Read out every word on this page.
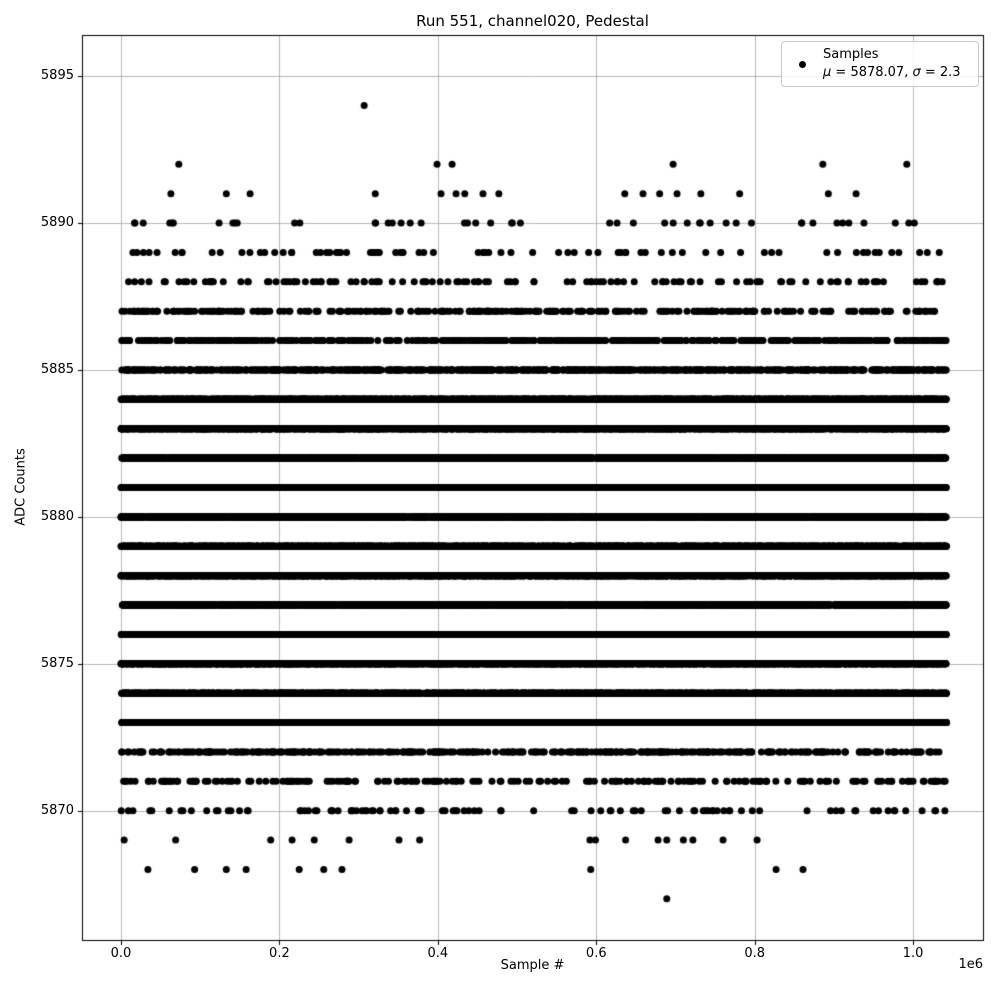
Run 551, channel020, Pedestal
ADC Counts
Sample #	1e6
0.0	0.2	0.4	0.6	0.8	1.0
5870
5875
5880
5885
5890
5895
Samples
μ = 5878.07, σ = 2.3
